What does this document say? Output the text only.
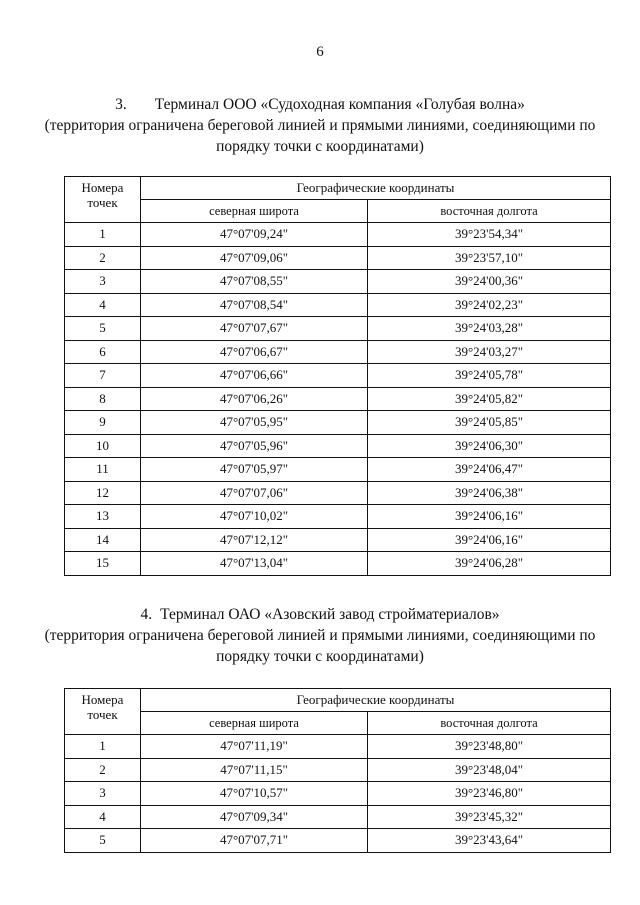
6
3. Терминал ООО «Судоходная компания «Голубая волна»
(территория ограничена береговой линией и прямыми линиями, соединяющими по
порядку точки с координатами)
Номера
точек	Географические координаты	
	северная широта	восточная долгота
1	47°07'09,24"	39°23'54,34"
2	47°07'09,06"	39°23'57,10"
3	47°07'08,55"	39°24'00,36"
4	47°07'08,54"	39°24'02,23"
5	47°07'07,67"	39°24'03,28"
6	47°07'06,67"	39°24'03,27"
7	47°07'06,66"	39°24'05,78"
8	47°07'06,26"	39°24'05,82"
9	47°07'05,95"	39°24'05,85"
10	47°07'05,96"	39°24'06,30"
11	47°07'05,97"	39°24'06,47"
12	47°07'07,06"	39°24'06,38"
13	47°07'10,02"	39°24'06,16"
14	47°07'12,12"	39°24'06,16"
15	47°07'13,04"	39°24'06,28"
4. Терминал ОАО «Азовский завод стройматериалов»
(территория ограничена береговой линией и прямыми линиями, соединяющими по
порядку точки с координатами)
Номера
точек	Географические координаты	
	северная широта	восточная долгота
1	47°07'11,19"	39°23'48,80"
2	47°07'11,15"	39°23'48,04"
3	47°07'10,57"	39°23'46,80"
4	47°07'09,34"	39°23'45,32"
5	47°07'07,71"	39°23'43,64"
